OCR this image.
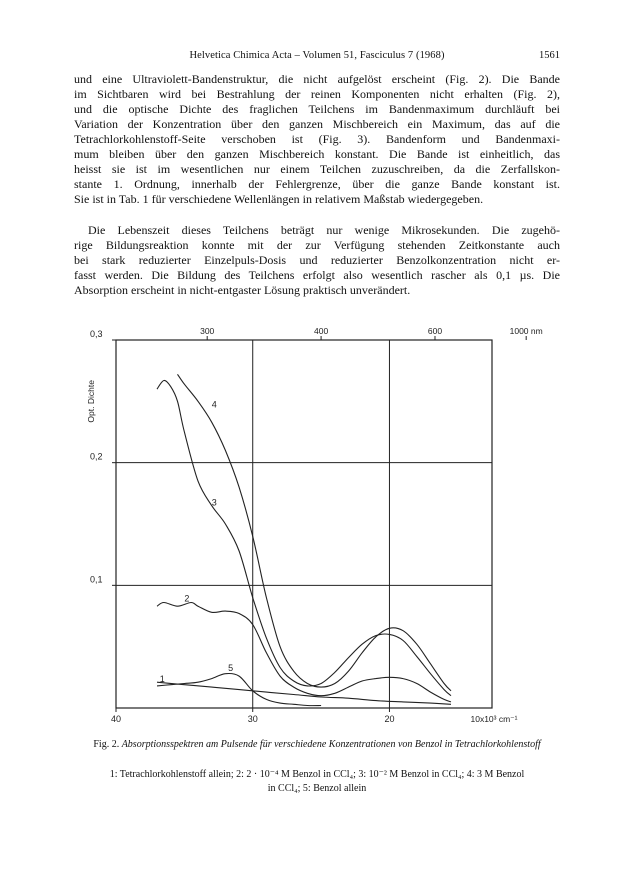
Helvetica Chimica Acta – Volumen 51, Fasciculus 7 (1968)	1561
und eine Ultraviolett-Bandenstruktur, die nicht aufgelöst erscheint (Fig. 2). Die Bande
im Sichtbaren wird bei Bestrahlung der reinen Komponenten nicht erhalten (Fig. 2),
und die optische Dichte des fraglichen Teilchens im Bandenmaximum durchläuft bei
Variation der Konzentration über den ganzen Mischbereich ein Maximum, das auf die
Tetrachlorkohlenstoff-Seite verschoben ist (Fig. 3). Bandenform und Bandenmaxi-
mum bleiben über den ganzen Mischbereich konstant. Die Bande ist einheitlich, das
heisst sie ist im wesentlichen nur einem Teilchen zuzuschreiben, da die Zerfallskon-
stante 1. Ordnung, innerhalb der Fehlergrenze, über die ganze Bande konstant ist.
Sie ist in Tab. 1 für verschiedene Wellenlängen in relativem Maßstab wiedergegeben.
Die Lebenszeit dieses Teilchens beträgt nur wenige Mikrosekunden. Die zugehö-
rige Bildungsreaktion konnte mit der zur Verfügung stehenden Zeitkonstante auch
bei stark reduzierter Einzelpuls-Dosis und reduzierter Benzolkonzentration nicht er-
fasst werden. Die Bildung des Teilchens erfolgt also wesentlich rascher als 0,1 µs. Die
Absorption erscheint in nicht-entgaster Lösung praktisch unverändert.
40	30	20	10x10³ cm⁻¹
300	400	600	1000 nm
0,1
0,2
0,3
Opt. Dichte
1
2
3
4
5
Fig. 2. Absorptionsspektren am Pulsende für verschiedene Konzentrationen von Benzol in Tetrachlorkohlenstoff
1: Tetrachlorkohlenstoff allein; 2: 2 · 10⁻⁴ M Benzol in CCl₄; 3: 10⁻² M Benzol in CCl₄; 4: 3 M Benzol
in CCl₄; 5: Benzol allein
